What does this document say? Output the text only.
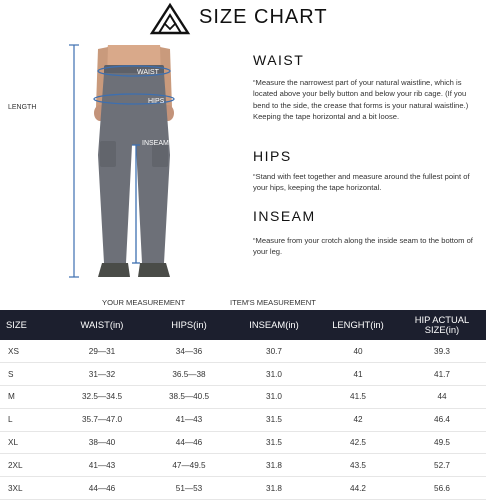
SIZE CHART
LENGTH
WAIST
HIPS
INSEAM
WAIST
“Measure the narrowest part of your natural waistline, which is located above your belly button and below your rib cage. (If you bend to the side, the crease that forms is your natural waistline.) Keeping the tape horizontal and a bit loose.
HIPS
“Stand with feet together and measure around the fullest point of your hips, keeping the tape horizontal.
INSEAM
“Measure from your crotch along the inside seam to the bottom of your leg.
YOUR MEASUREMENT	ITEM'S MEASUREMENT
SIZE	WAIST(in)	HIPS(in)	INSEAM(in)	LENGHT(in)	HIP ACTUAL SIZE(in)
XS	29—31	34—36	30.7	40	39.3
S	31—32	36.5—38	31.0	41	41.7
M	32.5—34.5	38.5—40.5	31.0	41.5	44
L	35.7—47.0	41—43	31.5	42	46.4
XL	38—40	44—46	31.5	42.5	49.5
2XL	41—43	47—49.5	31.8	43.5	52.7
3XL	44—46	51—53	31.8	44.2	56.6
